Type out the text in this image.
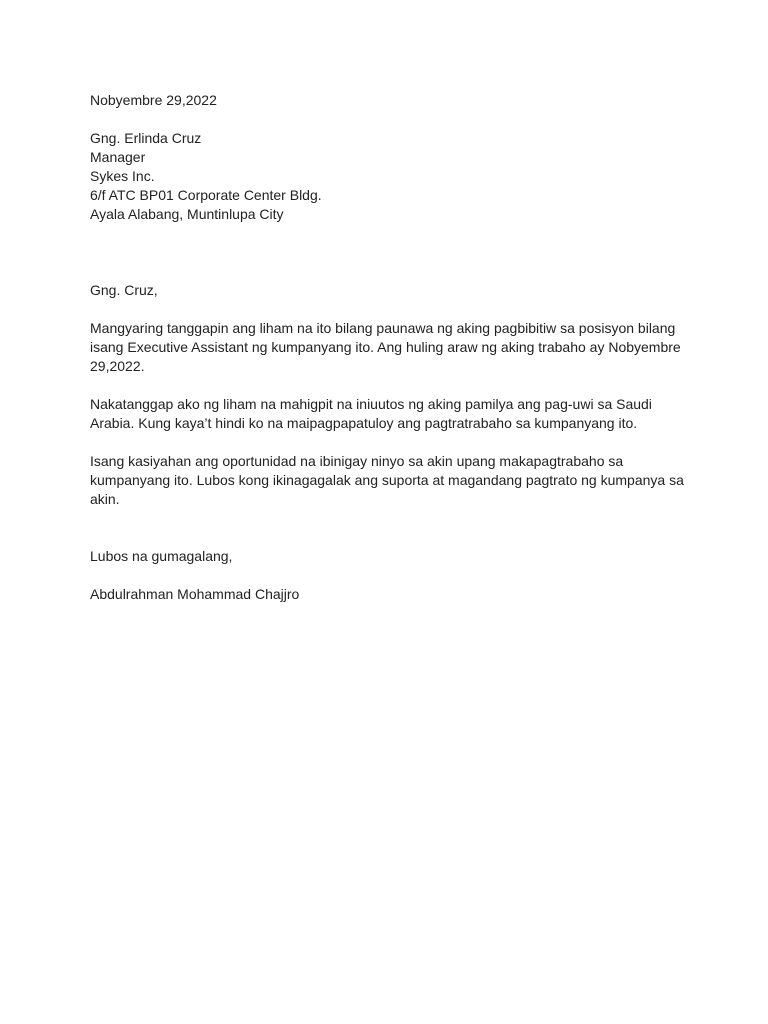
Nobyembre 29,2022
Gng. Erlinda Cruz
Manager
Sykes Inc.
6/f ATC BP01 Corporate Center Bldg.
Ayala Alabang, Muntinlupa City
Gng. Cruz,
Mangyaring tanggapin ang liham na ito bilang paunawa ng aking pagbibitiw sa posisyon bilang
isang Executive Assistant ng kumpanyang ito. Ang huling araw ng aking trabaho ay Nobyembre
29,2022.
Nakatanggap ako ng liham na mahigpit na iniuutos ng aking pamilya ang pag-uwi sa Saudi
Arabia. Kung kaya’t hindi ko na maipagpapatuloy ang pagtratrabaho sa kumpanyang ito.
Isang kasiyahan ang oportunidad na ibinigay ninyo sa akin upang makapagtrabaho sa
kumpanyang ito. Lubos kong ikinagagalak ang suporta at magandang pagtrato ng kumpanya sa
akin.
Lubos na gumagalang,
Abdulrahman Mohammad Chajjro
